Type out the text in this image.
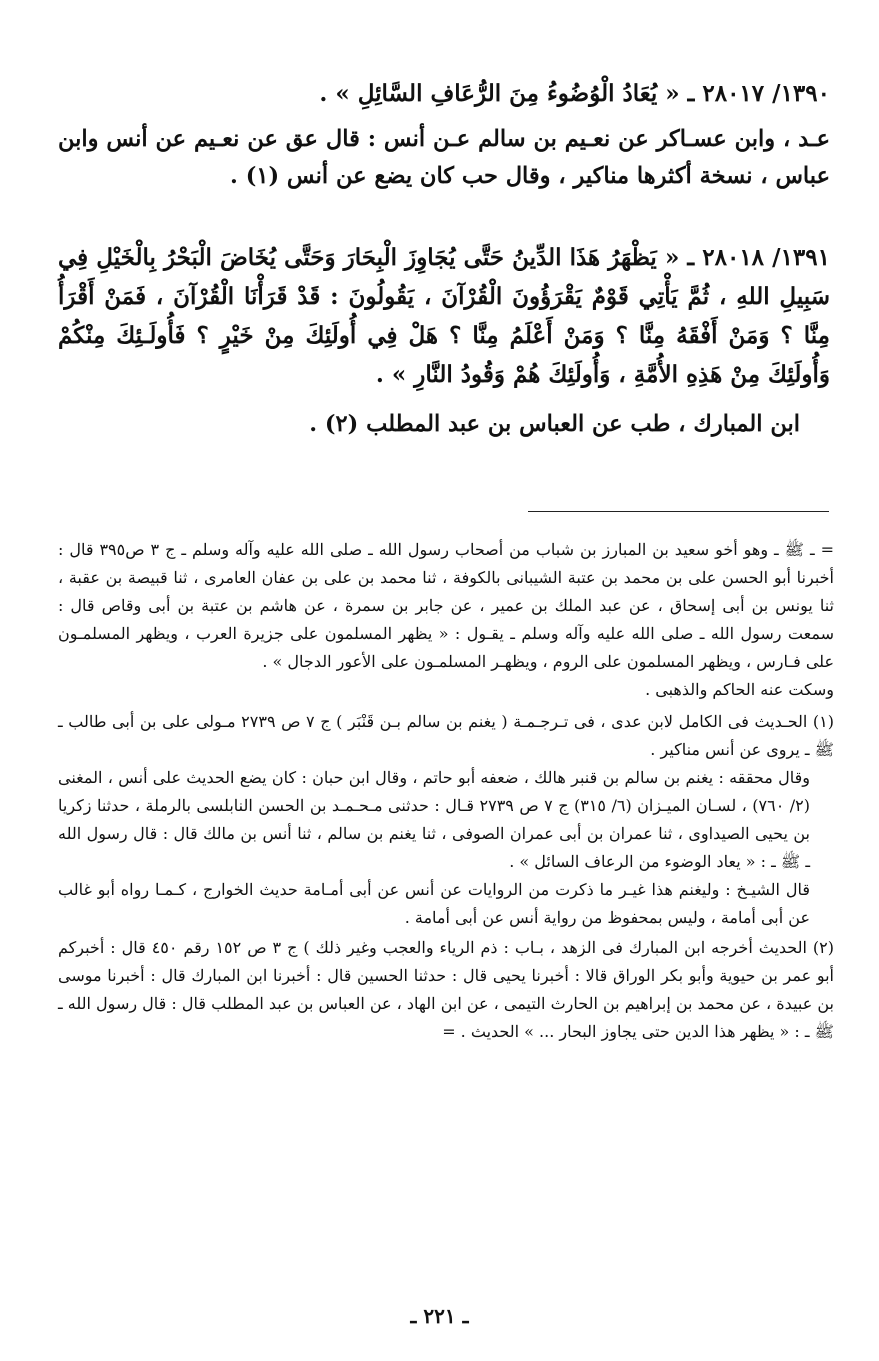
١٣٩٠/ ٢٨٠١٧ ـ « يُعَادُ الْوُضُوءُ مِنَ الرُّعَافِ السَّائِلِ » .

عـد ، وابن عسـاكر عن نعـيم بن سالم عـن أنس : قال عق عن نعـيم عن أنس وابن عباس ، نسخة أكثرها مناكير ، وقال حب كان يضع عن أنس (١) .

١٣٩١/ ٢٨٠١٨ ـ « يَظْهَرُ هَذَا الدِّينُ حَتَّى يُجَاوِزَ الْبِحَارَ وَحَتَّى يُخَاضَ الْبَحْرُ بِالْخَيْلِ فِي سَبِيلِ اللهِ ، ثُمَّ يَأْتِي قَوْمٌ يَقْرَؤُونَ الْقُرْآنَ ، يَقُولُونَ : قَدْ قَرَأْنَا الْقُرْآنَ ، فَمَنْ أَقْرَأُ مِنَّا ؟ وَمَنْ أَفْقَهُ مِنَّا ؟ وَمَنْ أَعْلَمُ مِنَّا ؟ هَلْ فِي أُولَئِكَ مِنْ خَيْرٍ ؟ فَأُولَـئِكَ مِنْكُمْ وَأُولَئِكَ مِنْ هَذِهِ الأُمَّةِ ، وَأُولَئِكَ هُمْ وَقُودُ النَّارِ » .

ابن المبارك ، طب عن العباس بن عبد المطلب (٢) .

= ـ ﷺ ـ وهو أخو سعيد بن المبارز بن شباب من أصحاب رسول الله ـ صلى الله عليه وآله وسلم ـ ج ٣ ص٣٩٥ قال : أخبرنا أبو الحسن على بن محمد بن عتبة الشيبانى بالكوفة ، ثنا محمد بن على بن عفان العامرى ، ثنا قبيصة بن عقبة ، ثنا يونس بن أبى إسحاق ، عن عبد الملك بن عمير ، عن جابر بن سمرة ، عن هاشم بن عتبة بن أبى وقاص قال : سمعت رسول الله ـ صلى الله عليه وآله وسلم ـ يقـول : « يظهر المسلمون على جزيرة العرب ، ويظهر المسلمـون على فـارس ، ويظهر المسلمون على الروم ، ويظهـر المسلمـون على الأعور الدجال » .

وسكت عنه الحاكم والذهبى .

(١) الحـديث فى الكامل لابن عدى ، فى تـرجـمـة ( يغنم بن سالم بـن قَنْبَر ) ج ٧ ص ٢٧٣٩ مـولى على بن أبى طالب ـ ﷺ ـ يروى عن أنس مناكير .

وقال محققه : يغنم بن سالم بن قنبر هالك ، ضعفه أبو حاتم ، وقال ابن حبان : كان يضع الحديث على أنس ، المغنى (٢/ ٧٦٠) ، لسـان الميـزان (٦/ ٣١٥) ج ٧ ص ٢٧٣٩ قـال : حدثنى مـحـمـد بن الحسن النابلسى بالرملة ، حدثنا زكريا بن يحيى الصيداوى ، ثنا عمران بن أبى عمران الصوفى ، ثنا يغنم بن سالم ، ثنا أنس بن مالك قال : قال رسول الله ـ ﷺ ـ : « يعاد الوضوء من الرعاف السائل » .

قال الشيـخ : وليغنم هذا غيـر ما ذكرت من الروايات عن أنس عن أبى أمـامة حديث الخوارج ، كـمـا رواه أبو غالب عن أبى أمامة ، وليس بمحفوظ من رواية أنس عن أبى أمامة .

(٢) الحديث أخرجه ابن المبارك فى الزهد ، بـاب : ذم الرياء والعجب وغير ذلك ) ج ٣ ص ١٥٢ رقم ٤٥٠ قال : أخبركم أبو عمر بن حيوية وأبو بكر الوراق قالا : أخبرنا يحيى قال : حدثنا الحسين قال : أخبرنا ابن المبارك قال : أخبرنا موسى بن عبيدة ، عن محمد بن إبراهيم بن الحارث التيمى ، عن ابن الهاد ، عن العباس بن عبد المطلب قال : قال رسول الله ـ ﷺ ـ : « يظهر هذا الدين حتى يجاوز البحار ... » الحديث . =

ـ ٢٢١ ـ
